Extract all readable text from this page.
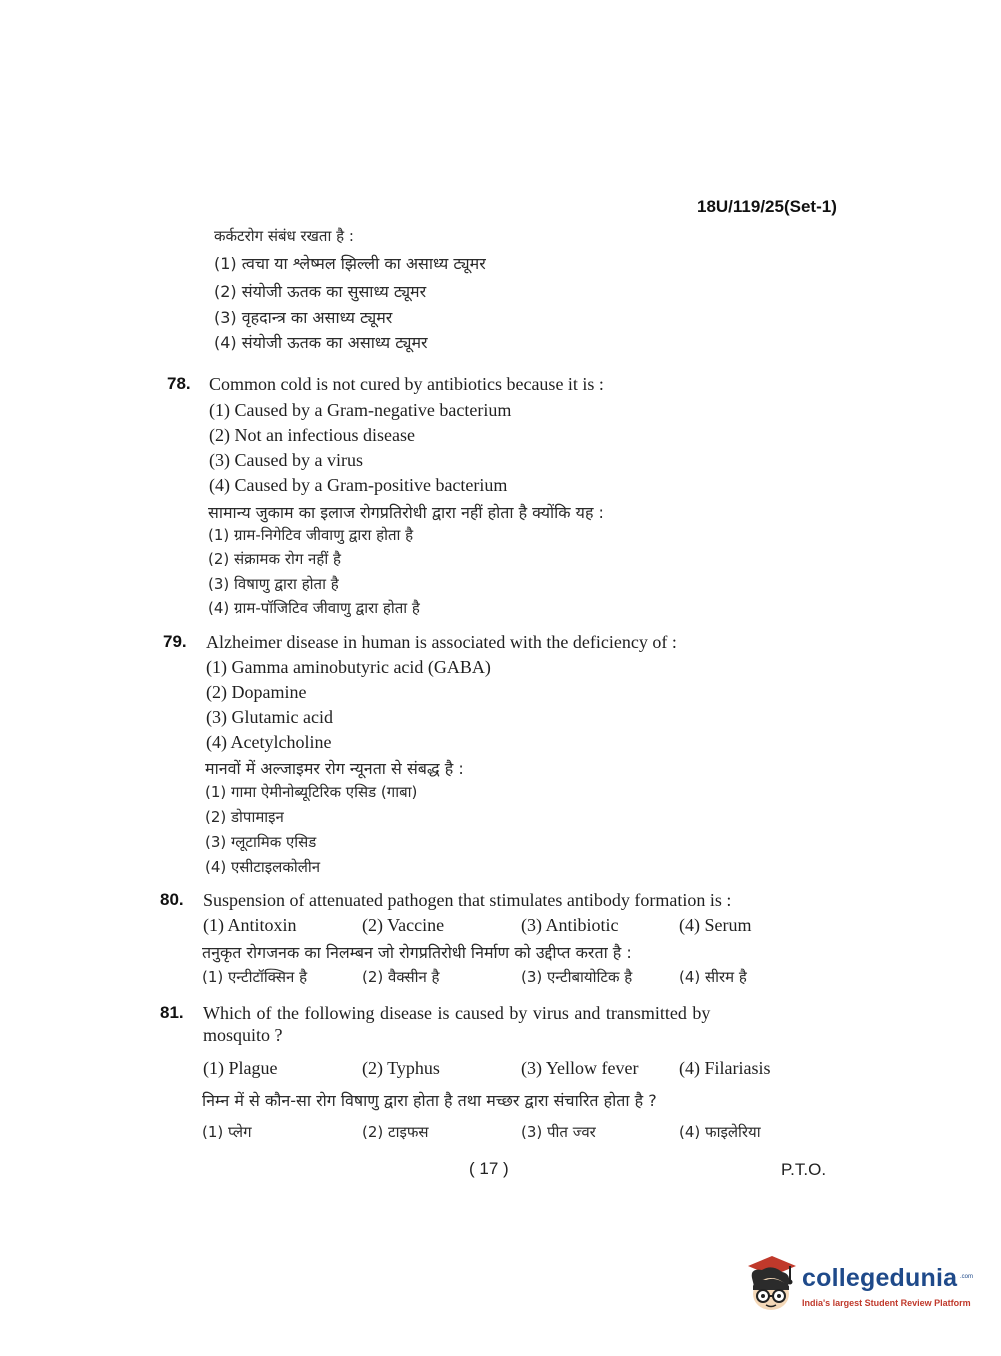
18U/119/25(Set-1)
कर्कटरोग संबंध रखता है :
(1) त्वचा या श्लेष्मल झिल्ली का असाध्य ट्यूमर
(2) संयोजी ऊतक का सुसाध्य ट्यूमर
(3) वृहदान्त्र का असाध्य ट्यूमर
(4) संयोजी ऊतक का असाध्य ट्यूमर
78. Common cold is not cured by antibiotics because it is :
(1) Caused by a Gram-negative bacterium
(2) Not an infectious disease
(3) Caused by a virus
(4) Caused by a Gram-positive bacterium
सामान्य जुकाम का इलाज रोगप्रतिरोधी द्वारा नहीं होता है क्योंकि यह :
(1) ग्राम-निगेटिव जीवाणु द्वारा होता है
(2) संक्रामक रोग नहीं है
(3) विषाणु द्वारा होता है
(4) ग्राम-पॉजिटिव जीवाणु द्वारा होता है
79. Alzheimer disease in human is associated with the deficiency of :
(1) Gamma aminobutyric acid (GABA)
(2) Dopamine
(3) Glutamic acid
(4) Acetylcholine
मानवों में अल्जाइमर रोग न्यूनता से संबद्ध है :
(1) गामा ऐमीनोब्यूटिरिक एसिड (गाबा)
(2) डोपामाइन
(3) ग्लूटामिक एसिड
(4) एसीटाइलकोलीन
80. Suspension of attenuated pathogen that stimulates antibody formation is :
(1) Antitoxin	(2) Vaccine	(3) Antibiotic	(4) Serum
तनुकृत रोगजनक का निलम्बन जो रोगप्रतिरोधी निर्माण को उद्दीप्त करता है :
(1) एन्टीटॉक्सिन है	(2) वैक्सीन है	(3) एन्टीबायोटिक है	(4) सीरम है
81. Which of the following disease is caused by virus and transmitted by
mosquito ?
(1) Plague	(2) Typhus	(3) Yellow fever (4) Filariasis
निम्न में से कौन-सा रोग विषाणु द्वारा होता है तथा मच्छर द्वारा संचारित होता है ?
(1) प्लेग	(2) टाइफस	(3) पीत ज्वर	(4) फाइलेरिया
( 17 )	P.T.O.
collegedunia .com
India's largest Student Review Platform
